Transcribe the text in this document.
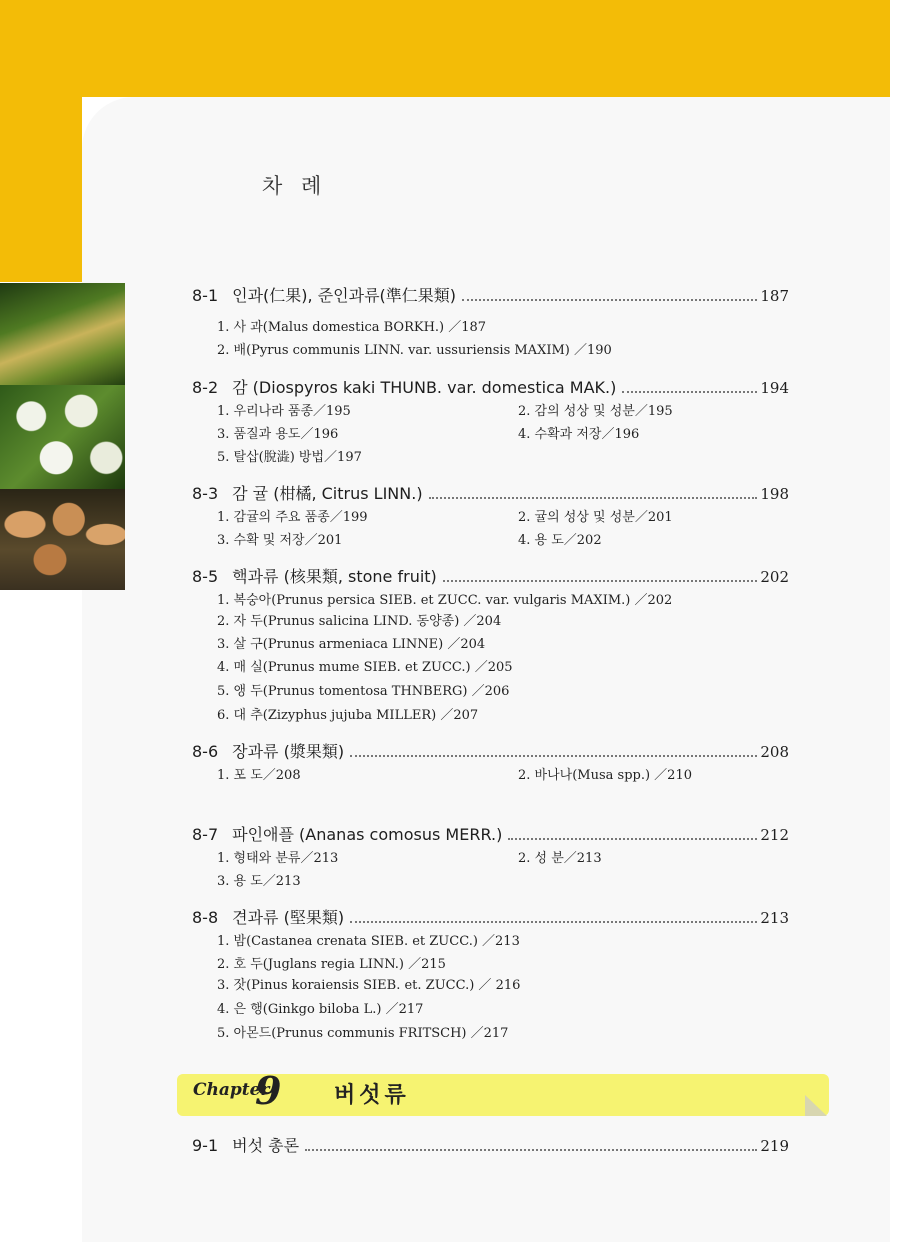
차 례
8-1 인과(仁果), 준인과류(準仁果類)	187
1. 사 과(Malus domestica BORKH.) ／187
2. 배(Pyrus communis LINN. var. ussuriensis MAXIM) ／190
8-2 감 (Diospyros kaki THUNB. var. domestica MAK.)	194
1. 우리나라 품종／195	2. 감의 성상 및 성분／195
3. 품질과 용도／196	4. 수확과 저장／196
5. 탈삽(脫澁) 방법／197
8-3 감 귤 (柑橘, Citrus LINN.)	198
1. 감귤의 주요 품종／199	2. 귤의 성상 및 성분／201
3. 수확 및 저장／201	4. 용 도／202
8-5 핵과류 (核果類, stone fruit)	202
1. 복숭아(Prunus persica SIEB. et ZUCC. var. vulgaris MAXIM.) ／202
2. 자 두(Prunus salicina LIND. 동양종) ／204
3. 살 구(Prunus armeniaca LINNE) ／204
4. 매 실(Prunus mume SIEB. et ZUCC.) ／205
5. 앵 두(Prunus tomentosa THNBERG) ／206
6. 대 추(Zizyphus jujuba MILLER) ／207
8-6 장과류 (漿果類)	208
1. 포 도／208	2. 바나나(Musa spp.) ／210
8-7 파인애플 (Ananas comosus MERR.)	212
1. 형태와 분류／213	2. 성 분／213
3. 용 도／213
8-8 견과류 (堅果類)	213
1. 밤(Castanea crenata SIEB. et ZUCC.) ／213
2. 호 두(Juglans regia LINN.) ／215
3. 잣(Pinus koraiensis SIEB. et. ZUCC.) ／ 216
4. 은 행(Ginkgo biloba L.) ／217
5. 아몬드(Prunus communis FRITSCH) ／217
Chapter
9 버섯류
9-1 버섯 총론	219
